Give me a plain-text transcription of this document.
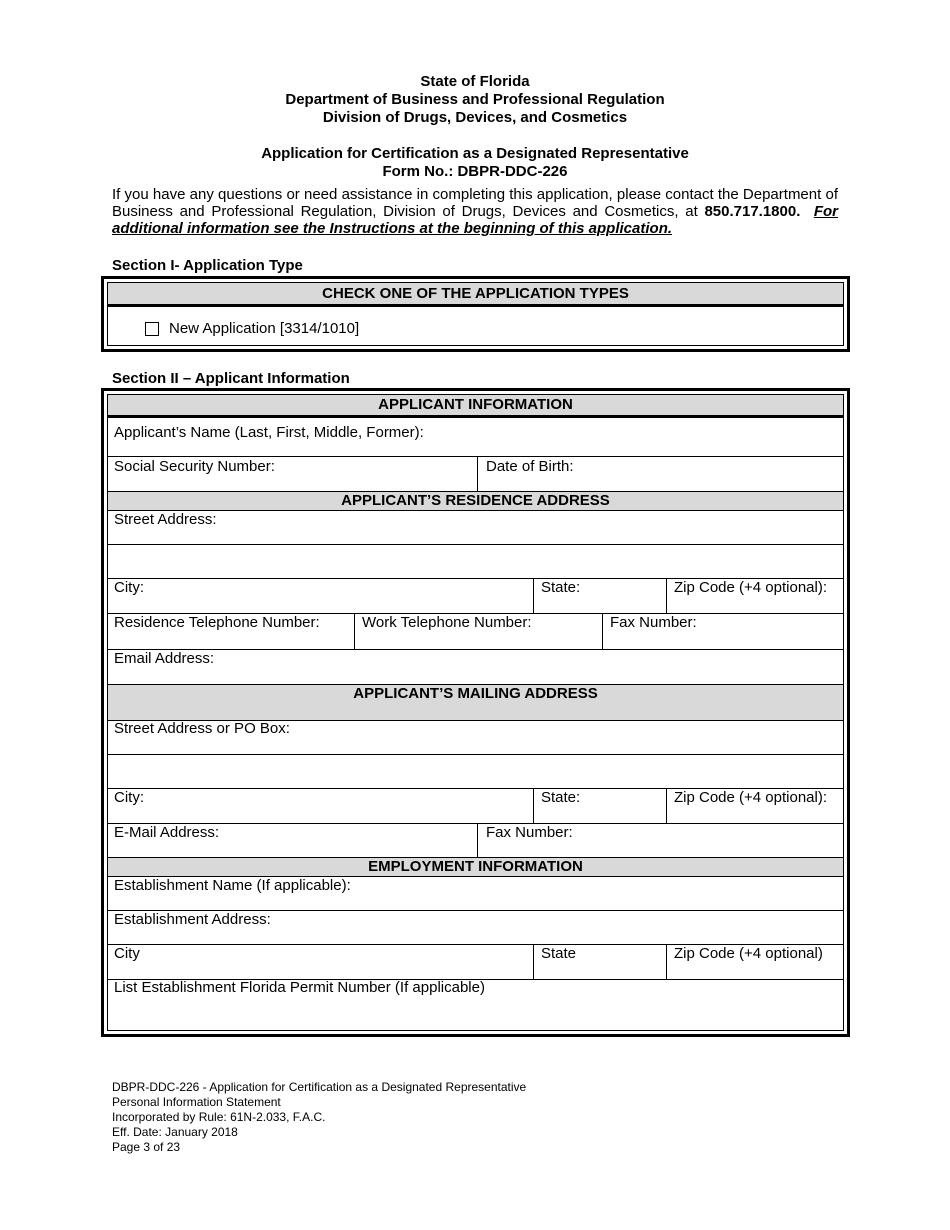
State of Florida
Department of Business and Professional Regulation
Division of Drugs, Devices, and Cosmetics
Application for Certification as a Designated Representative
Form No.: DBPR-DDC-226
If you have any questions or need assistance in completing this application, please contact the Department of Business and Professional Regulation, Division of Drugs, Devices and Cosmetics, at 850.717.1800. For additional information see the Instructions at the beginning of this application.
Section I- Application Type
CHECK ONE OF THE APPLICATION TYPES
New Application [3314/1010]
Section II – Applicant Information
APPLICANT INFORMATION
Applicant’s Name (Last, First, Middle, Former):
Social Security Number:	Date of Birth:
APPLICANT’S RESIDENCE ADDRESS
Street Address:
City:	State:	Zip Code (+4 optional):
Residence Telephone Number:	Work Telephone Number:	Fax Number:
Email Address:
APPLICANT’S MAILING ADDRESS
Street Address or PO Box:
City:	State:	Zip Code (+4 optional):
E-Mail Address:	Fax Number:
EMPLOYMENT INFORMATION
Establishment Name (If applicable):
Establishment Address:
City	State	Zip Code (+4 optional)
List Establishment Florida Permit Number (If applicable)
DBPR-DDC-226 - Application for Certification as a Designated Representative
Personal Information Statement
Incorporated by Rule: 61N-2.033, F.A.C.
Eff. Date: January 2018
Page 3 of 23
